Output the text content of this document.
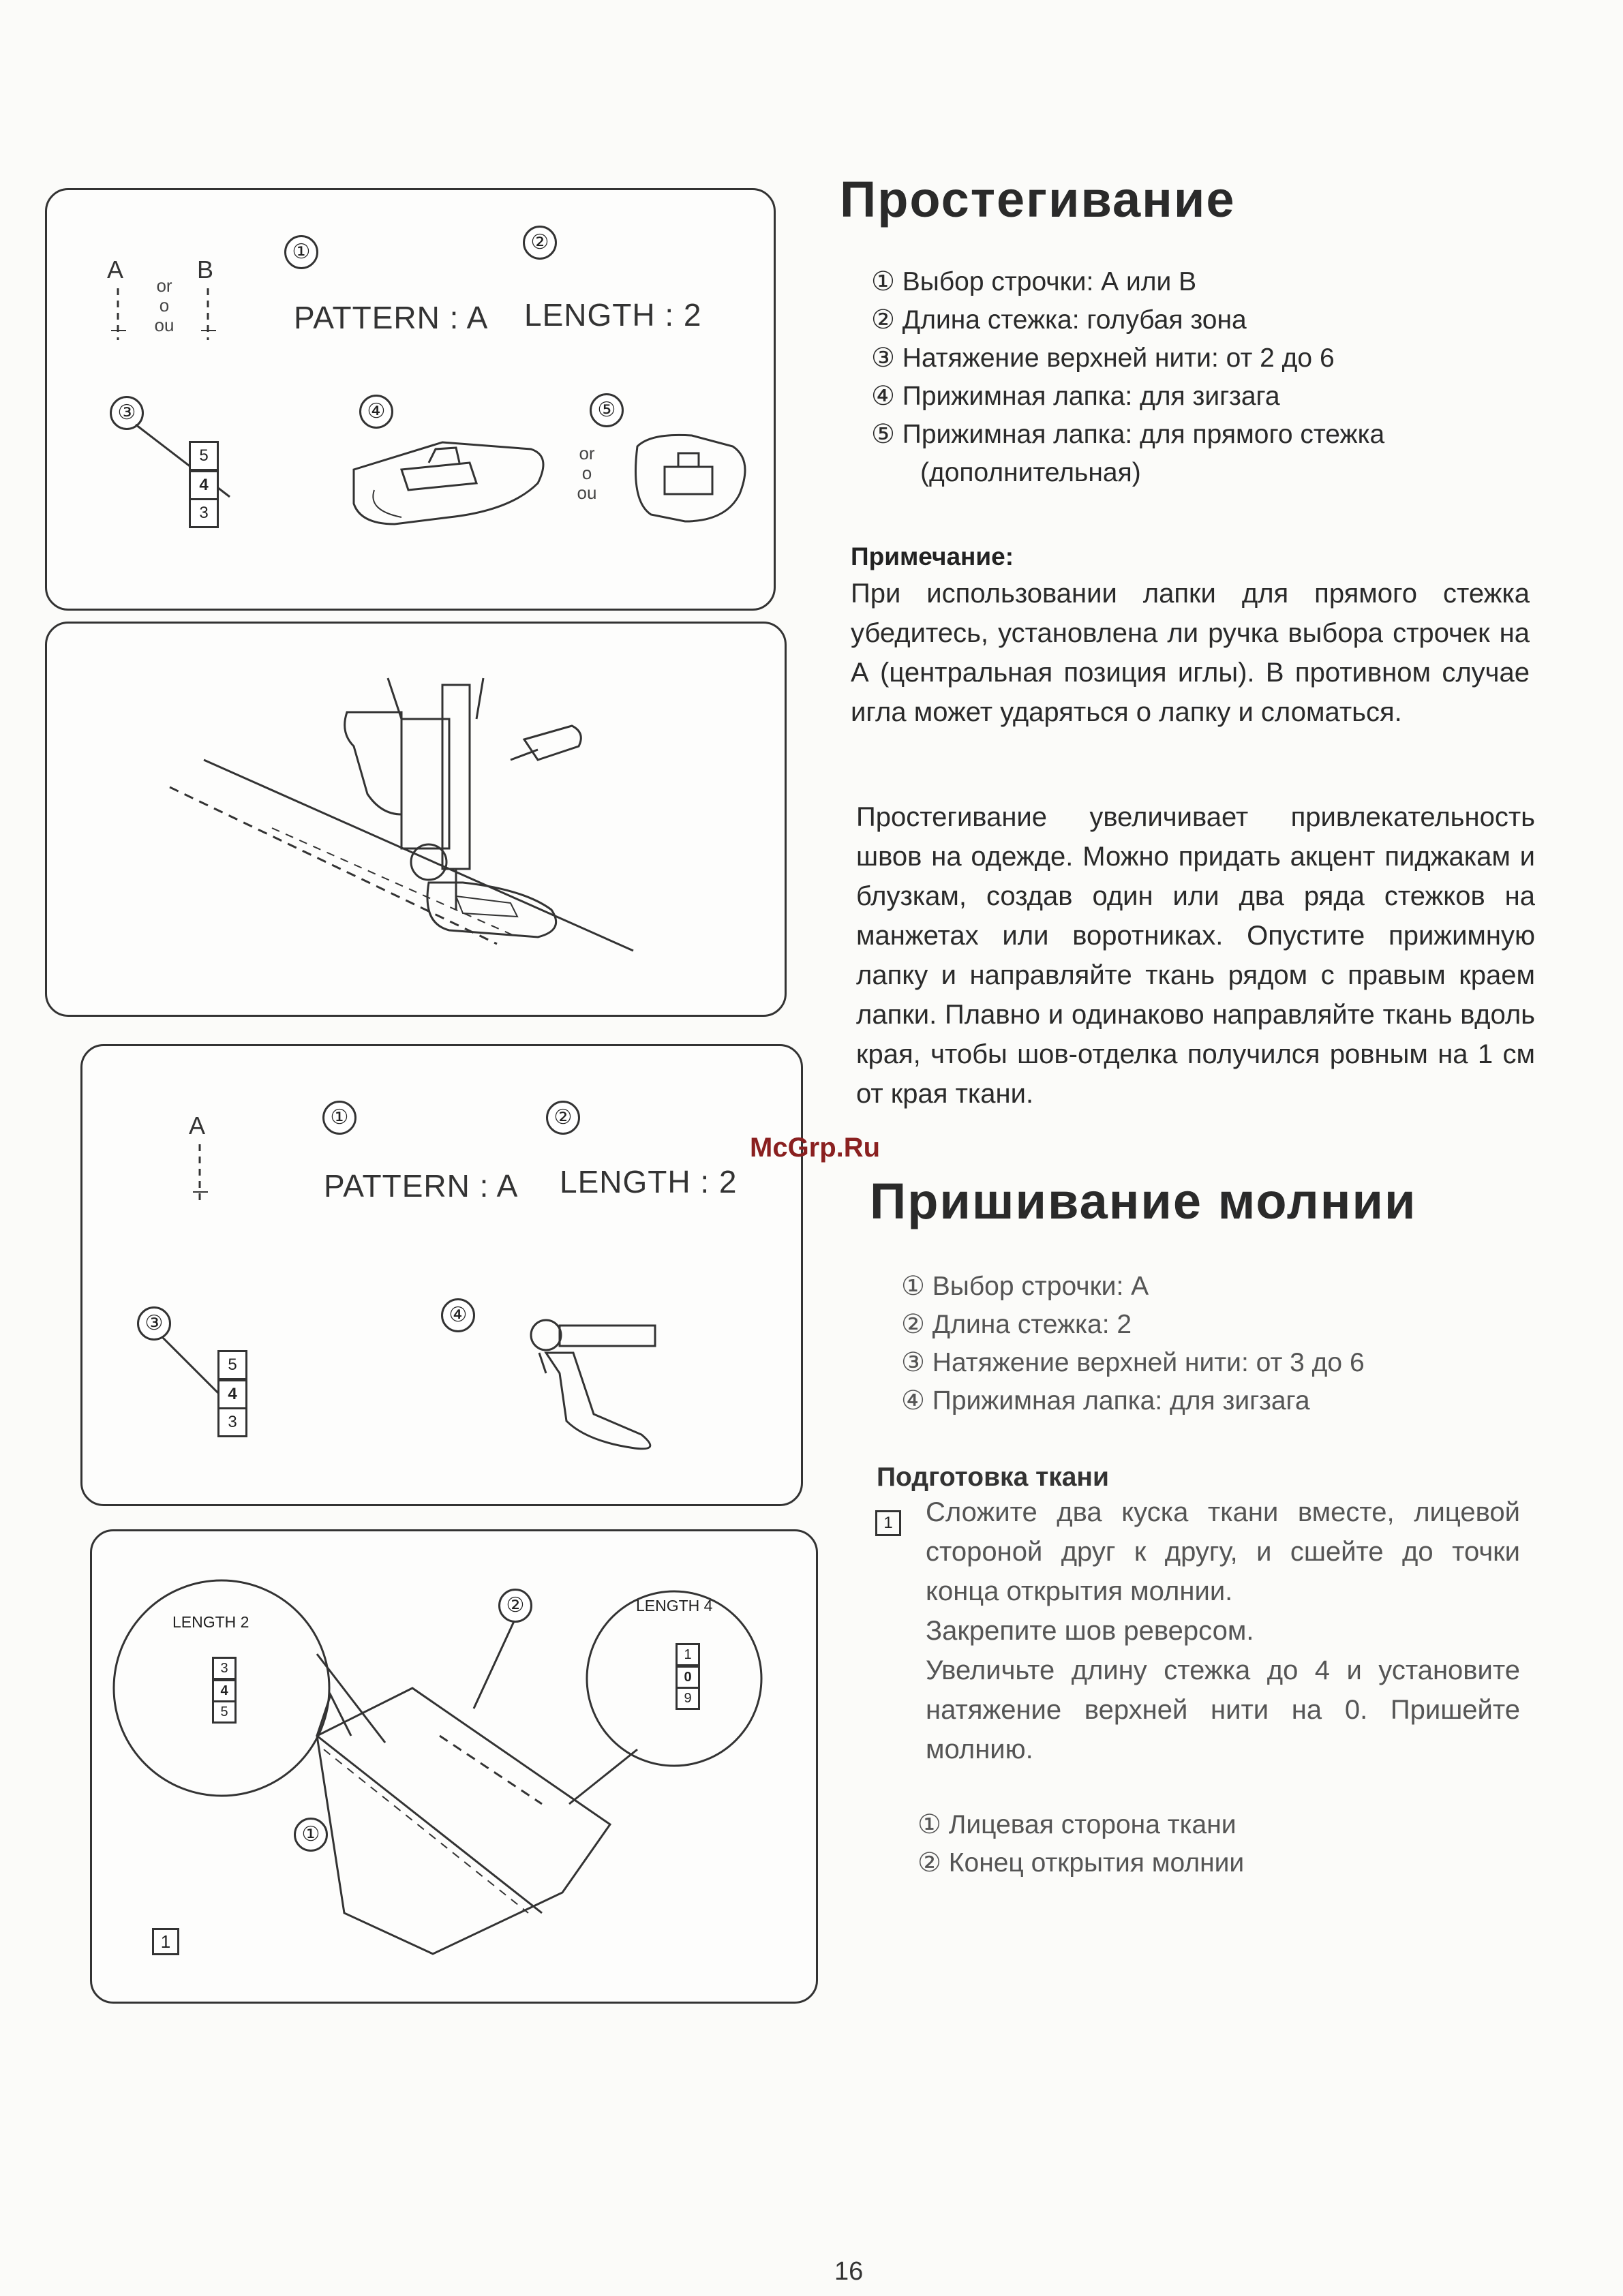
A	B
or
o
ou
①	②
PATTERN : A LENGTH : 2
③
5
4
3
④
or
o
ou
⑤
A	①	②
PATTERN : A LENGTH : 2
③
5
4
3
④
LENGTH 2
LENGTH 4
3
4
5
1
0
9
②
①
1
Простегивание
① Выбор строчки: А или В
② Длина стежка: голубая зона
③ Натяжение верхней нити: от 2 до 6
④ Прижимная лапка: для зигзага
⑤ Прижимная лапка: для прямого стежка
(дополнительная)
Примечание:
При использовании лапки для прямого стежка убедитесь, установлена ли ручка выбора строчек на А (центральная позиция иглы). В противном случае игла может ударяться о лапку и сломаться.
Простегивание увеличивает привлекательность швов на одежде. Можно придать акцент пиджакам и блузкам, создав один или два ряда стежков на манжетах или воротниках. Опустите прижимную лапку и направляйте ткань рядом с правым краем лапки. Плавно и одинаково направляйте ткань вдоль края, чтобы шов-отделка получился ровным на 1 см от края ткани.
McGrp.Ru
Пришивание молнии
① Выбор строчки: А
② Длина стежка: 2
③ Натяжение верхней нити: от 3 до 6
④ Прижимная лапка: для зигзага
Подготовка ткани
1	Сложите два куска ткани вместе, лицевой стороной друг к другу, и сшейте до точки конца открытия молнии.
Закрепите шов реверсом.
Увеличьте длину стежка до 4 и установите натяжение верхней нити на 0. Пришейте молнию.
① Лицевая сторона ткани
② Конец открытия молнии
16
